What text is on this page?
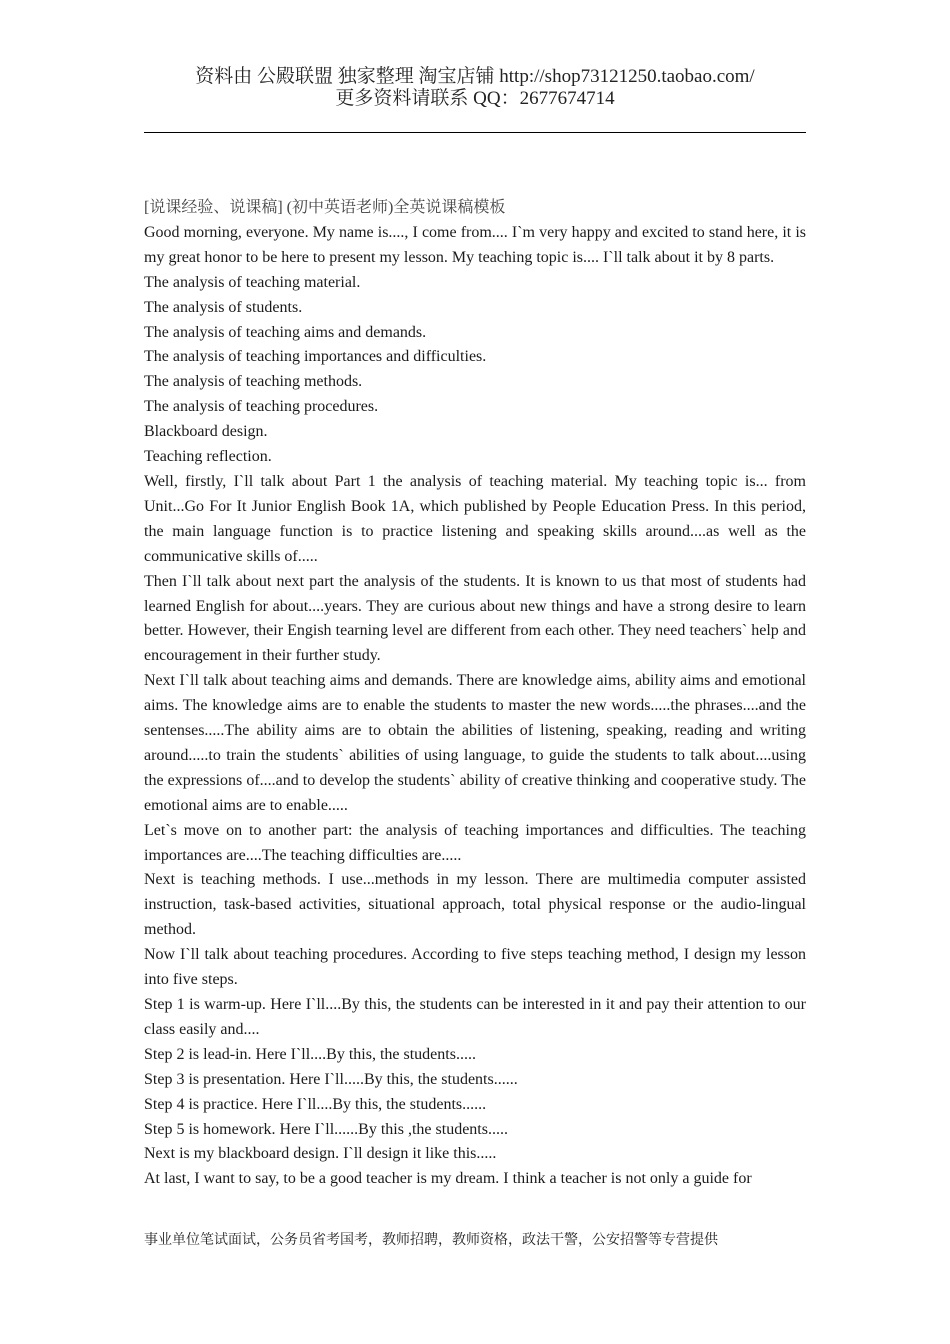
资料由 公殿联盟 独家整理 淘宝店铺 http://shop73121250.taobao.com/
更多资料请联系 QQ：2677674714

[说课经验、说课稿] (初中英语老师)全英说课稿模板

Good morning, everyone. My name is...., I come from.... I`m very happy and excited to stand here, it is my great honor to be here to present my lesson. My teaching topic is.... I`ll talk about it by 8 parts.

The analysis of teaching material.

The analysis of students.

The analysis of teaching aims and demands.

The analysis of teaching importances and difficulties.

The analysis of teaching methods.

The analysis of teaching procedures.

Blackboard design.

Teaching reflection.

Well, firstly, I`ll talk about Part 1 the analysis of teaching material. My teaching topic is... from Unit...Go For It Junior English Book 1A, which published by People Education Press. In this period, the main language function is to practice listening and speaking skills around....as well as the communicative skills of.....

Then I`ll talk about next part the analysis of the students. It is known to us that most of students had learned English for about....years. They are curious about new things and have a strong desire to learn better. However, their Engish tearning level are different from each other. They need teachers` help and encouragement in their further study.

Next I`ll talk about teaching aims and demands. There are knowledge aims, ability aims and emotional aims. The knowledge aims are to enable the students to master the new words.....the phrases....and the sentenses.....The ability aims are to obtain the abilities of listening, speaking, reading and writing around.....to train the students` abilities of using language, to guide the students to talk about....using the expressions of....and to develop the students` ability of creative thinking and cooperative study. The emotional aims are to enable.....

Let`s move on to another part: the analysis of teaching importances and difficulties. The teaching importances are....The teaching difficulties are.....

Next is teaching methods. I use...methods in my lesson. There are multimedia computer assisted instruction, task-based activities, situational approach, total physical response or the audio-lingual method.

Now I`ll talk about teaching procedures. According to five steps teaching method, I design my lesson into five steps.

Step 1 is warm-up. Here I`ll....By this, the students can be interested in it and pay their attention to our class easily and....

Step 2 is lead-in. Here I`ll....By this, the students.....

Step 3 is presentation. Here I`ll.....By this, the students......

Step 4 is practice. Here I`ll....By this, the students......

Step 5 is homework. Here I`ll......By this ,the students.....

Next is my blackboard design. I`ll design it like this.....

At last, I want to say, to be a good teacher is my dream. I think a teacher is not only a guide for

事业单位笔试面试，公务员省考国考，教师招聘，教师资格，政法干警，公安招警等专营提供
